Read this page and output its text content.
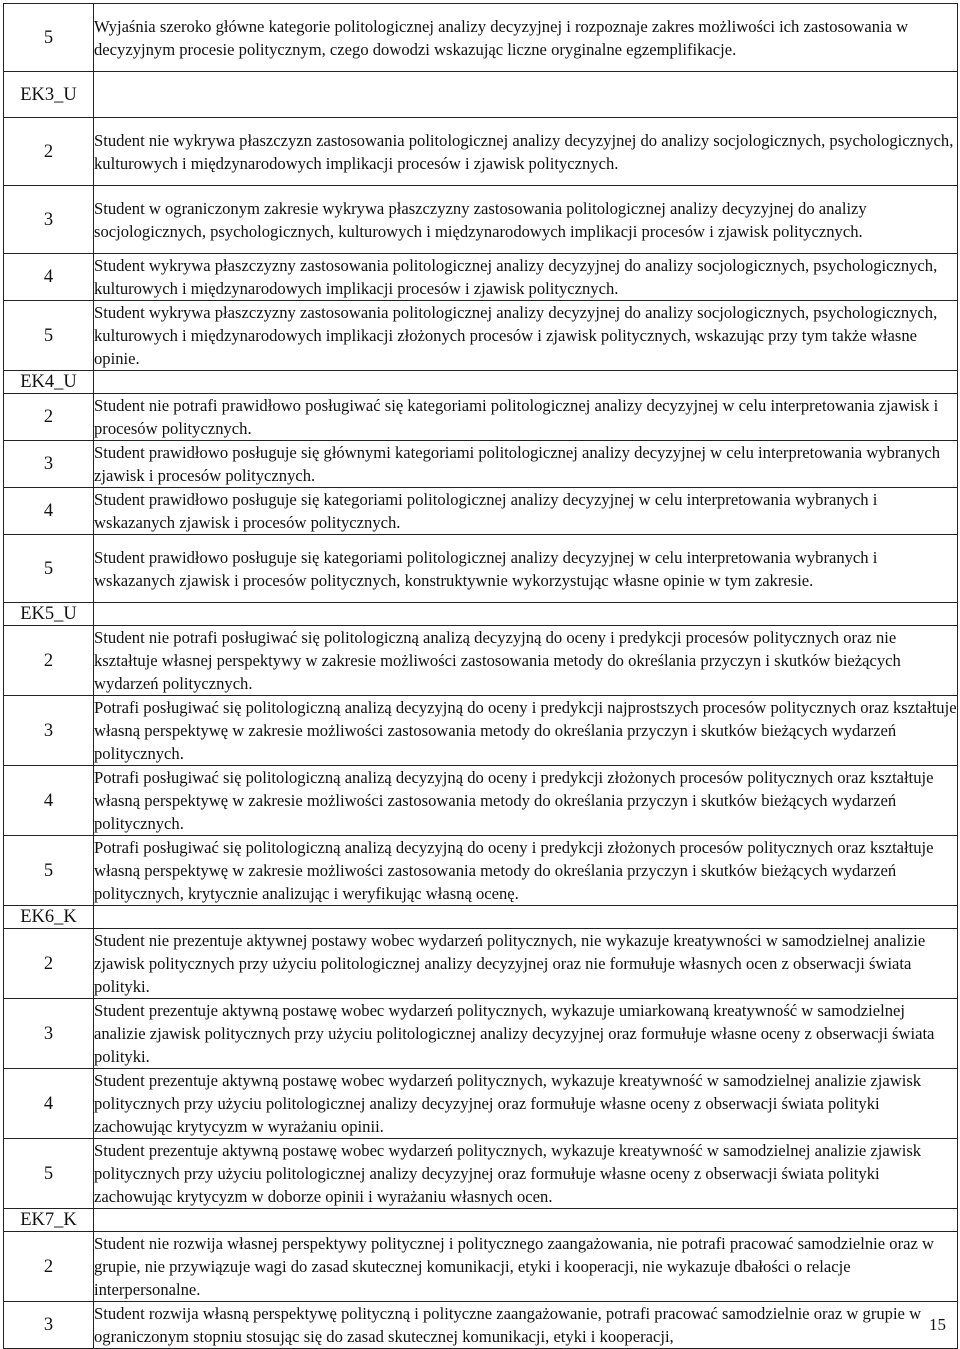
5	Wyjaśnia szeroko główne kategorie politologicznej analizy decyzyjnej i rozpoznaje zakres możliwości ich zastosowania w decyzyjnym procesie politycznym, czego dowodzi wskazując liczne oryginalne egzemplifikacje.
EK3_U	
2	Student nie wykrywa płaszczyzn zastosowania politologicznej analizy decyzyjnej do analizy socjologicznych, psychologicznych, kulturowych i międzynarodowych implikacji procesów i zjawisk politycznych.
3	Student w ograniczonym zakresie wykrywa płaszczyzny zastosowania politologicznej analizy decyzyjnej do analizy socjologicznych, psychologicznych, kulturowych i międzynarodowych implikacji procesów i zjawisk politycznych.
4	Student wykrywa płaszczyzny zastosowania politologicznej analizy decyzyjnej do analizy socjologicznych, psychologicznych, kulturowych i międzynarodowych implikacji procesów i zjawisk politycznych.
5	Student wykrywa płaszczyzny zastosowania politologicznej analizy decyzyjnej do analizy socjologicznych, psychologicznych, kulturowych i międzynarodowych implikacji złożonych procesów i zjawisk politycznych, wskazując przy tym także własne opinie.
EK4_U	
2	Student nie potrafi prawidłowo posługiwać się kategoriami politologicznej analizy decyzyjnej w celu interpretowania zjawisk i procesów politycznych.
3	Student prawidłowo posługuje się głównymi kategoriami politologicznej analizy decyzyjnej w celu interpretowania wybranych zjawisk i procesów politycznych.
4	Student prawidłowo posługuje się kategoriami politologicznej analizy decyzyjnej w celu interpretowania wybranych i wskazanych zjawisk i procesów politycznych.
5	Student prawidłowo posługuje się kategoriami politologicznej analizy decyzyjnej w celu interpretowania wybranych i wskazanych zjawisk i procesów politycznych, konstruktywnie wykorzystując własne opinie w tym zakresie.
EK5_U	
2	Student nie potrafi posługiwać się politologiczną analizą decyzyjną do oceny i predykcji procesów politycznych oraz nie kształtuje własnej perspektywy w zakresie możliwości zastosowania metody do określania przyczyn i skutków bieżących wydarzeń politycznych.
3	Potrafi posługiwać się politologiczną analizą decyzyjną do oceny i predykcji najprostszych procesów politycznych oraz kształtuje własną perspektywę w zakresie możliwości zastosowania metody do określania przyczyn i skutków bieżących wydarzeń politycznych.
4	Potrafi posługiwać się politologiczną analizą decyzyjną do oceny i predykcji złożonych procesów politycznych oraz kształtuje własną perspektywę w zakresie możliwości zastosowania metody do określania przyczyn i skutków bieżących wydarzeń politycznych.
5	Potrafi posługiwać się politologiczną analizą decyzyjną do oceny i predykcji złożonych procesów politycznych oraz kształtuje własną perspektywę w zakresie możliwości zastosowania metody do określania przyczyn i skutków bieżących wydarzeń politycznych, krytycznie analizując i weryfikując własną ocenę.
EK6_K	
2	Student nie prezentuje aktywnej postawy wobec wydarzeń politycznych, nie wykazuje kreatywności w samodzielnej analizie zjawisk politycznych przy użyciu politologicznej analizy decyzyjnej oraz nie formułuje własnych ocen z obserwacji świata polityki.
3	Student prezentuje aktywną postawę wobec wydarzeń politycznych, wykazuje umiarkowaną kreatywność w samodzielnej analizie zjawisk politycznych przy użyciu politologicznej analizy decyzyjnej oraz formułuje własne oceny z obserwacji świata polityki.
4	Student prezentuje aktywną postawę wobec wydarzeń politycznych, wykazuje kreatywność w samodzielnej analizie zjawisk politycznych przy użyciu politologicznej analizy decyzyjnej oraz formułuje własne oceny z obserwacji świata polityki zachowując krytycyzm w wyrażaniu opinii.
5	Student prezentuje aktywną postawę wobec wydarzeń politycznych, wykazuje kreatywność w samodzielnej analizie zjawisk politycznych przy użyciu politologicznej analizy decyzyjnej oraz formułuje własne oceny z obserwacji świata polityki zachowując krytycyzm w doborze opinii i wyrażaniu własnych ocen.
EK7_K	
2	Student nie rozwija własnej perspektywy politycznej i politycznego zaangażowania, nie potrafi pracować samodzielnie oraz w grupie, nie przywiązuje wagi do zasad skutecznej komunikacji, etyki i kooperacji, nie wykazuje dbałości o relacje interpersonalne.
3	Student rozwija własną perspektywę polityczną i polityczne zaangażowanie, potrafi pracować samodzielnie oraz w grupie w ograniczonym stopniu stosując się do zasad skutecznej komunikacji, etyki i kooperacji,
15
